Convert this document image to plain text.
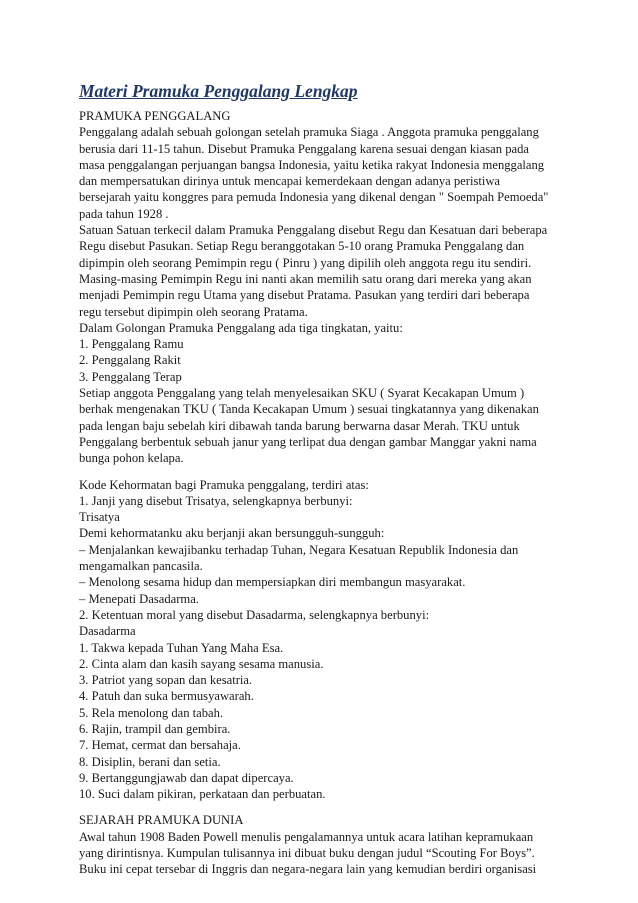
Materi Pramuka Penggalang Lengkap
PRAMUKA PENGGALANG
Penggalang adalah sebuah golongan setelah pramuka Siaga . Anggota pramuka penggalang
berusia dari 11-15 tahun. Disebut Pramuka Penggalang karena sesuai dengan kiasan pada
masa penggalangan perjuangan bangsa Indonesia, yaitu ketika rakyat Indonesia menggalang
dan mempersatukan dirinya untuk mencapai kemerdekaan dengan adanya peristiwa
bersejarah yaitu konggres para pemuda Indonesia yang dikenal dengan " Soempah Pemoeda"
pada tahun 1928 .
Satuan Satuan terkecil dalam Pramuka Penggalang disebut Regu dan Kesatuan dari beberapa
Regu disebut Pasukan. Setiap Regu beranggotakan 5-10 orang Pramuka Penggalang dan
dipimpin oleh seorang Pemimpin regu ( Pinru ) yang dipilih oleh anggota regu itu sendiri.
Masing-masing Pemimpin Regu ini nanti akan memilih satu orang dari mereka yang akan
menjadi Pemimpin regu Utama yang disebut Pratama. Pasukan yang terdiri dari beberapa
regu tersebut dipimpin oleh seorang Pratama.
Dalam Golongan Pramuka Penggalang ada tiga tingkatan, yaitu:
1. Penggalang Ramu
2. Penggalang Rakit
3. Penggalang Terap
Setiap anggota Penggalang yang telah menyelesaikan SKU ( Syarat Kecakapan Umum )
berhak mengenakan TKU ( Tanda Kecakapan Umum ) sesuai tingkatannya yang dikenakan
pada lengan baju sebelah kiri dibawah tanda barung berwarna dasar Merah. TKU untuk
Penggalang berbentuk sebuah janur yang terlipat dua dengan gambar Manggar yakni nama
bunga pohon kelapa.
Kode Kehormatan bagi Pramuka penggalang, terdiri atas:
1. Janji yang disebut Trisatya, selengkapnya berbunyi:
Trisatya
Demi kehormatanku aku berjanji akan bersungguh-sungguh:
– Menjalankan kewajibanku terhadap Tuhan, Negara Kesatuan Republik Indonesia dan
mengamalkan pancasila.
– Menolong sesama hidup dan mempersiapkan diri membangun masyarakat.
– Menepati Dasadarma.
2. Ketentuan moral yang disebut Dasadarma, selengkapnya berbunyi:
Dasadarma
1. Takwa kepada Tuhan Yang Maha Esa.
2. Cinta alam dan kasih sayang sesama manusia.
3. Patriot yang sopan dan kesatria.
4. Patuh dan suka bermusyawarah.
5. Rela menolong dan tabah.
6. Rajin, trampil dan gembira.
7. Hemat, cermat dan bersahaja.
8. Disiplin, berani dan setia.
9. Bertanggungjawab dan dapat dipercaya.
10. Suci dalam pikiran, perkataan dan perbuatan.
SEJARAH PRAMUKA DUNIA
Awal tahun 1908 Baden Powell menulis pengalamannya untuk acara latihan kepramukaan
yang dirintisnya. Kumpulan tulisannya ini dibuat buku dengan judul “Scouting For Boys”.
Buku ini cepat tersebar di Inggris dan negara-negara lain yang kemudian berdiri organisasi
